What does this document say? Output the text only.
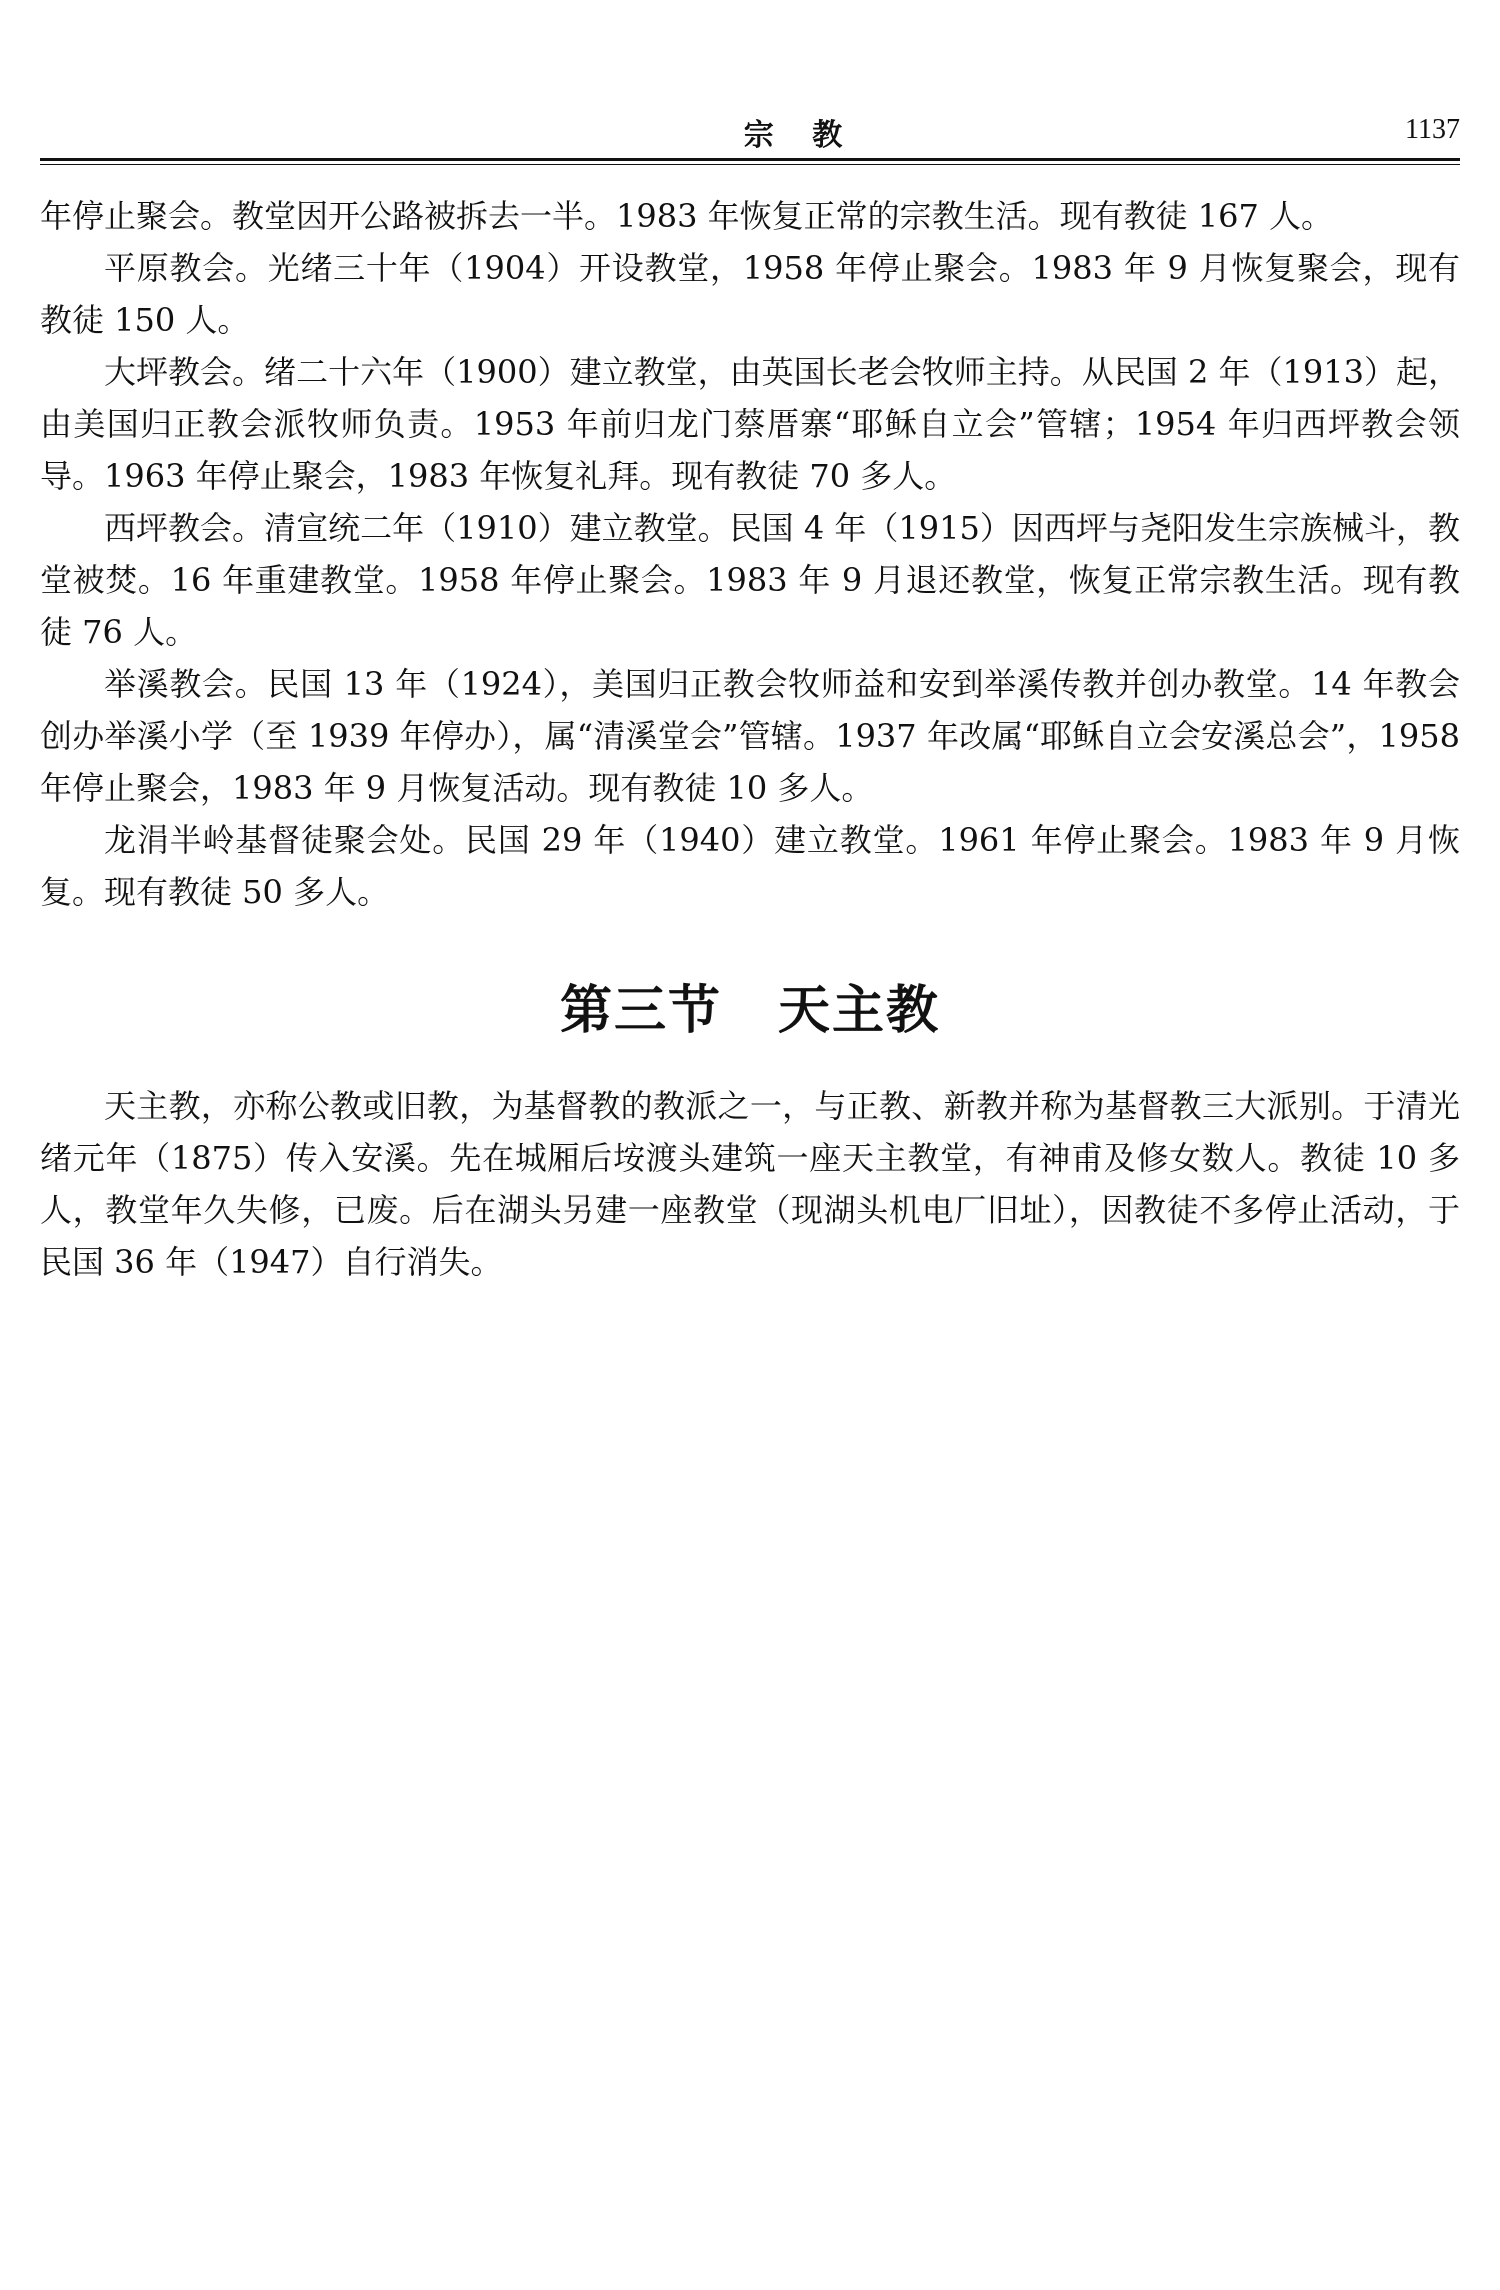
宗 教	1137

年停止聚会。教堂因开公路被拆去一半。1983 年恢复正常的宗教生活。现有教徒 167 人。

平原教会。光绪三十年（1904）开设教堂，1958 年停止聚会。1983 年 9 月恢复聚会，现有教徒 150 人。

大坪教会。绪二十六年（1900）建立教堂，由英国长老会牧师主持。从民国 2 年（1913）起，由美国归正教会派牧师负责。1953 年前归龙门蔡厝寨“耶稣自立会”管辖；1954 年归西坪教会领导。1963 年停止聚会，1983 年恢复礼拜。现有教徒 70 多人。

西坪教会。清宣统二年（1910）建立教堂。民国 4 年（1915）因西坪与尧阳发生宗族械斗，教堂被焚。16 年重建教堂。1958 年停止聚会。1983 年 9 月退还教堂，恢复正常宗教生活。现有教徒 76 人。

举溪教会。民国 13 年（1924），美国归正教会牧师益和安到举溪传教并创办教堂。14 年教会创办举溪小学（至 1939 年停办），属“清溪堂会”管辖。1937 年改属“耶稣自立会安溪总会”，1958 年停止聚会，1983 年 9 月恢复活动。现有教徒 10 多人。

龙涓半岭基督徒聚会处。民国 29 年（1940）建立教堂。1961 年停止聚会。1983 年 9 月恢复。现有教徒 50 多人。

第三节 天主教

天主教，亦称公教或旧教，为基督教的教派之一，与正教、新教并称为基督教三大派别。于清光绪元年（1875）传入安溪。先在城厢后垵渡头建筑一座天主教堂，有神甫及修女数人。教徒 10 多人，教堂年久失修，已废。后在湖头另建一座教堂（现湖头机电厂旧址），因教徒不多停止活动，于民国 36 年（1947）自行消失。
